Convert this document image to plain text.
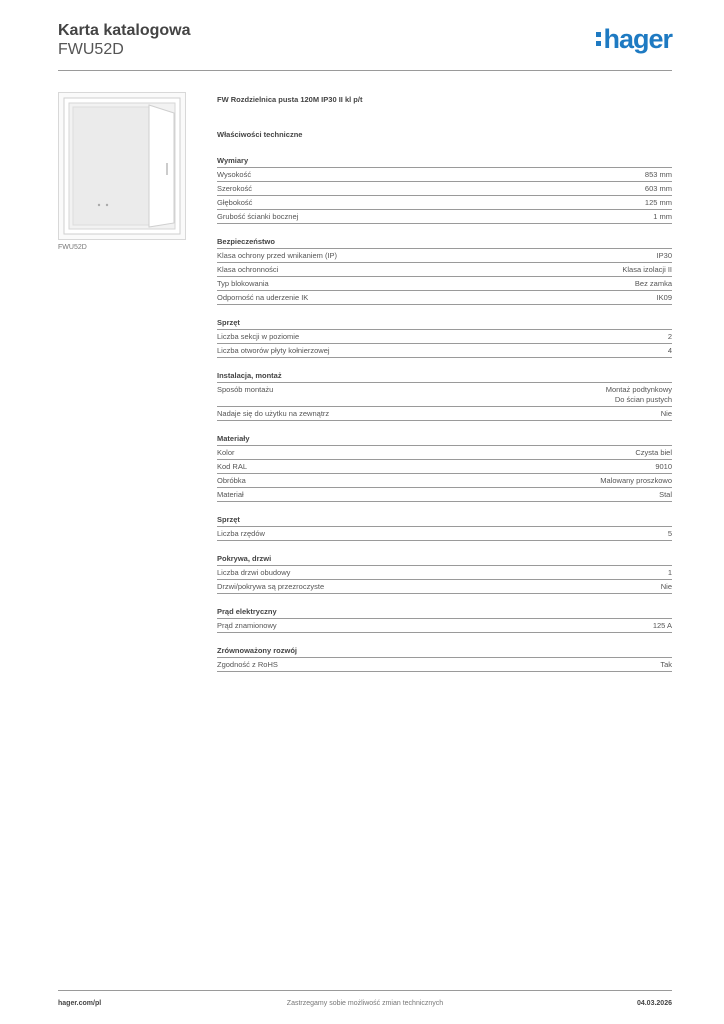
Karta katalogowa
FWU52D	hager
FWU52D
FW Rozdzielnica pusta 120M IP30 II kl p/t
Właściwości techniczne
Wymiary
Wysokość	853 mm
Szerokość	603 mm
Głębokość	125 mm
Grubość ścianki bocznej	1 mm
Bezpieczeństwo
Klasa ochrony przed wnikaniem (IP)	IP30
Klasa ochronności	Klasa izolacji II
Typ blokowania	Bez zamka
Odporność na uderzenie IK	IK09
Sprzęt
Liczba sekcji w poziomie	2
Liczba otworów płyty kołnierzowej	4
Instalacja, montaż
Sposób montażu	Montaż podtynkowy
Do ścian pustych
Nadaje się do użytku na zewnątrz	Nie
Materiały
Kolor	Czysta biel
Kod RAL	9010
Obróbka	Malowany proszkowo
Materiał	Stal
Sprzęt
Liczba rzędów	5
Pokrywa, drzwi
Liczba drzwi obudowy	1
Drzwi/pokrywa są przezroczyste	Nie
Prąd elektryczny
Prąd znamionowy	125 A
Zrównoważony rozwój
Zgodność z RoHS	Tak
hager.com/pl	Zastrzegamy sobie możliwość zmian technicznych	04.03.2026
